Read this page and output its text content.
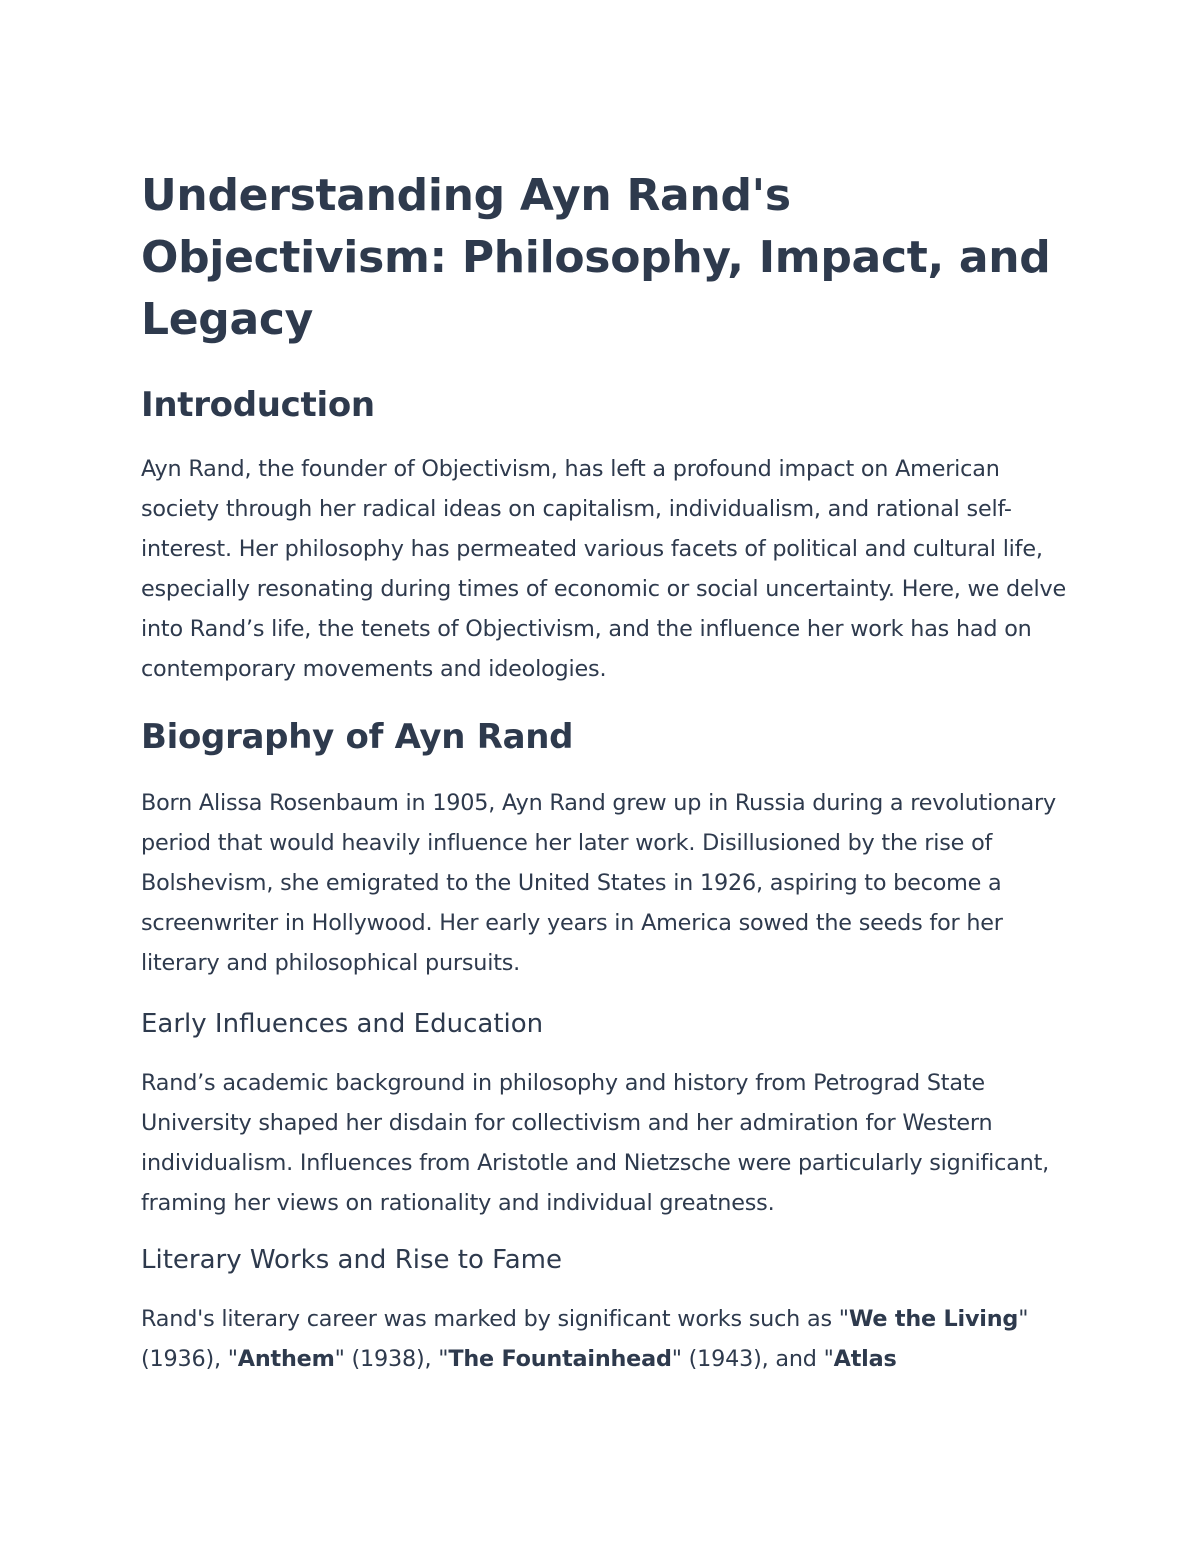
Understanding Ayn Rand's Objectivism: Philosophy, Impact, and Legacy
Introduction

Ayn Rand, the founder of Objectivism, has left a profound impact on American society through her radical ideas on capitalism, individualism, and rational self-interest. Her philosophy has permeated various facets of political and cultural life, especially resonating during times of economic or social uncertainty. Here, we delve into Rand’s life, the tenets of Objectivism, and the influence her work has had on contemporary movements and ideologies.

Biography of Ayn Rand

Born Alissa Rosenbaum in 1905, Ayn Rand grew up in Russia during a revolutionary period that would heavily influence her later work. Disillusioned by the rise of Bolshevism, she emigrated to the United States in 1926, aspiring to become a screenwriter in Hollywood. Her early years in America sowed the seeds for her literary and philosophical pursuits.

Early Influences and Education

Rand’s academic background in philosophy and history from Petrograd State University shaped her disdain for collectivism and her admiration for Western individualism. Influences from Aristotle and Nietzsche were particularly significant, framing her views on rationality and individual greatness.

Literary Works and Rise to Fame

Rand's literary career was marked by significant works such as "We the Living" (1936), "Anthem" (1938), "The Fountainhead" (1943), and "Atlas
